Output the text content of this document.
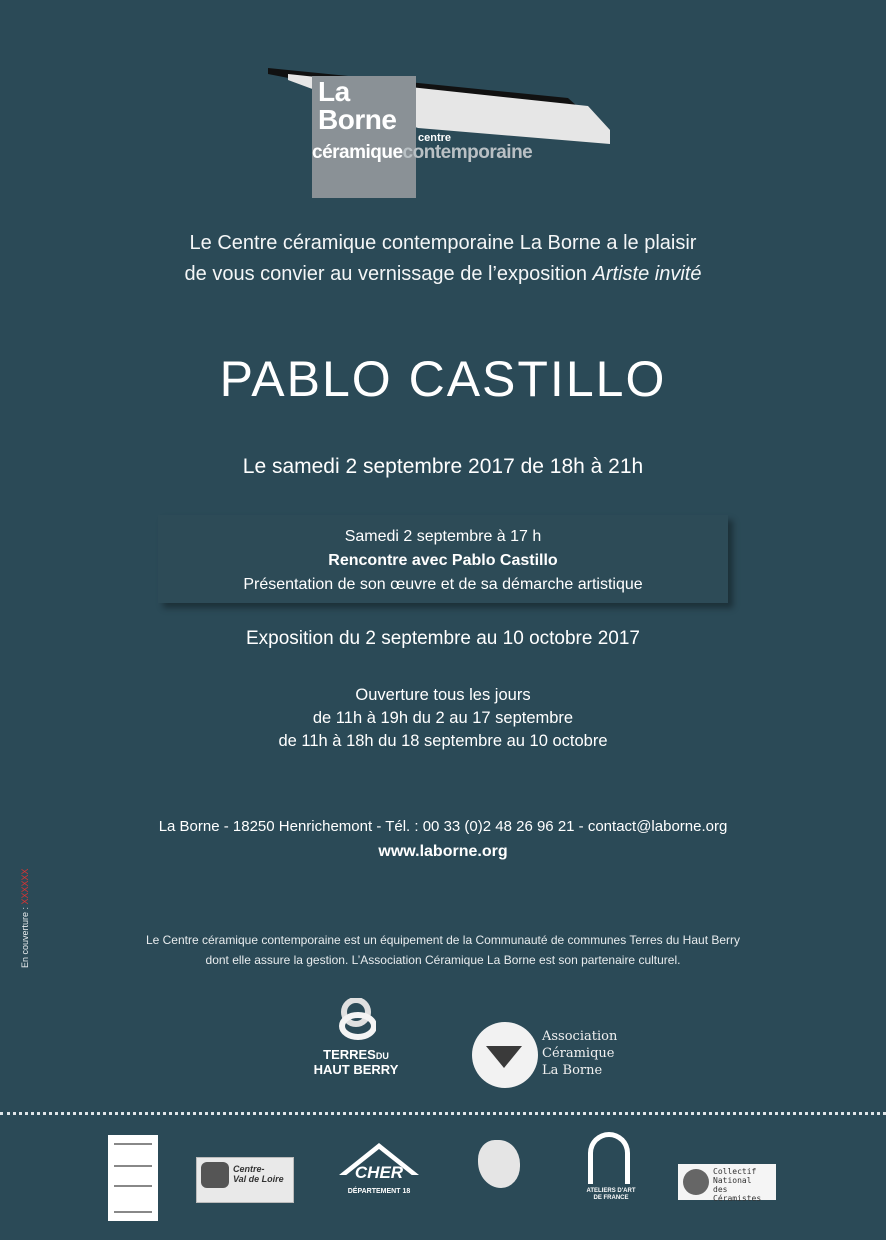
La
Borne
centre
céramiquecontemporaine
Le Centre céramique contemporaine La Borne a le plaisir
de vous convier au vernissage de l’exposition Artiste invité
PABLO CASTILLO
Le samedi 2 septembre 2017 de 18h à 21h
Samedi 2 septembre à 17 h
Rencontre avec Pablo Castillo
Présentation de son œuvre et de sa démarche artistique
Exposition du 2 septembre au 10 octobre 2017
Ouverture tous les jours
de 11h à 19h du 2 au 17 septembre
de 11h à 18h du 18 septembre au 10 octobre
La Borne - 18250 Henrichemont - Tél. : 00 33 (0)2 48 26 96 21 - contact@laborne.org
www.laborne.org
Le Centre céramique contemporaine est un équipement de la Communauté de communes Terres du Haut Berry
dont elle assure la gestion. L’Association Céramique La Borne est son partenaire culturel.
En couverture : XXXXXX
TERRESDU
HAUT BERRY
Association
Céramique
La Borne
Centre-
Val de Loire	CHER
DÉPARTEMENT 18	ATELIERS D'ART
DE FRANCE
Collectif
National
des
Céramistes
